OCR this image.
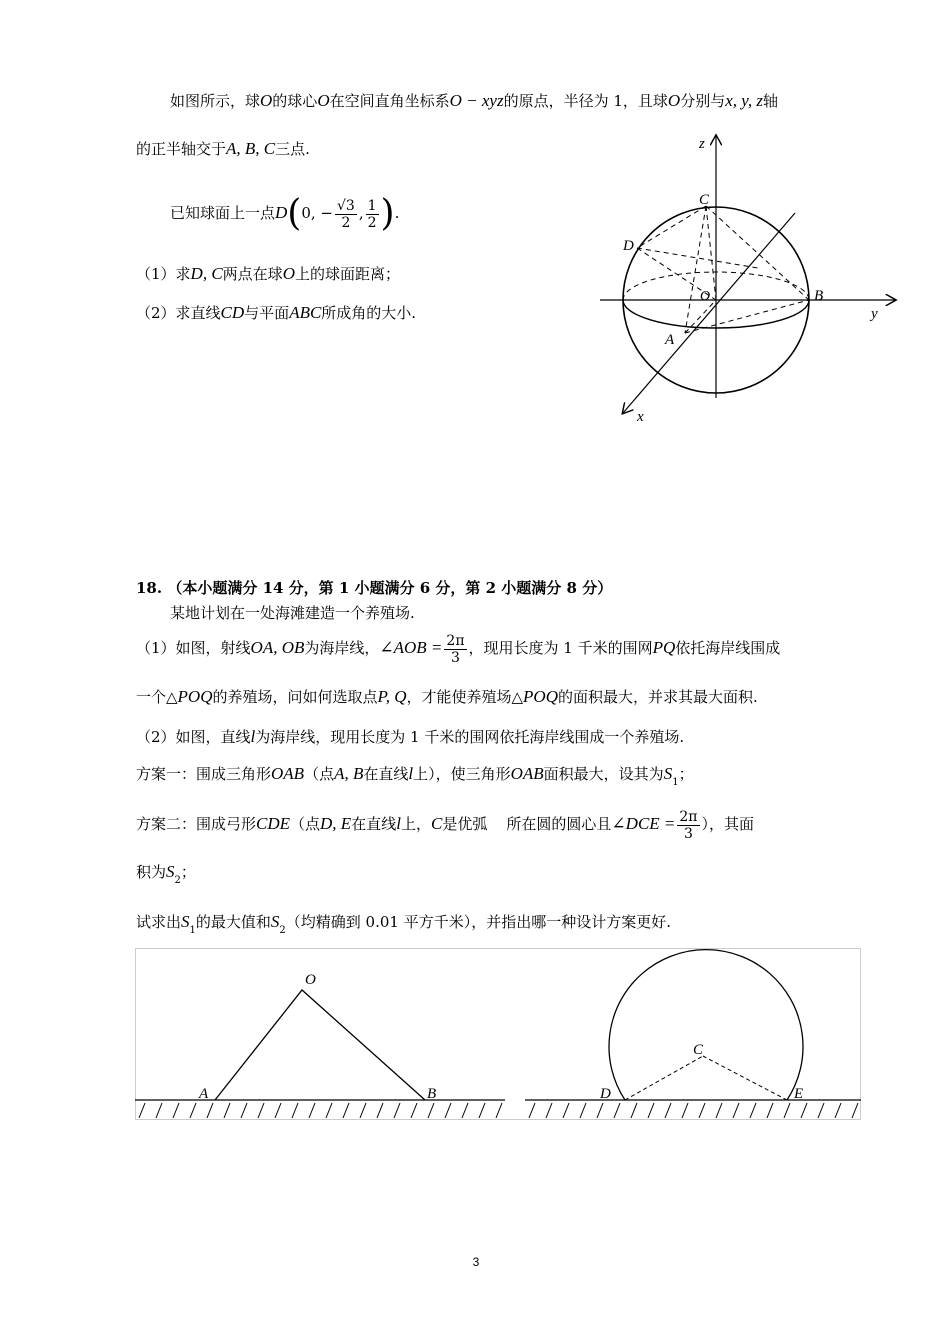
如图所示，球O的球心O在空间直角坐标系O − xyz的原点，半径为 1，且球O分别与x, y, z轴
的正半轴交于A, B, C三点.
已知球面上一点D(0, − $\frac{√3}{2}$ , $\frac{1}{2}$ ).
（1）求D, C两点在球O上的球面距离；
（2）求直线CD与平面ABC所成角的大小.
z
C
D
O	B
y
A
x
18. （本小题满分 14 分，第 1 小题满分 6 分，第 2 小题满分 8 分）
某地计划在一处海滩建造一个养殖场.
（1）如图，射线OA, OB为海岸线，∠AOB = $\frac{2\pi}{3}$ ，现用长度为 1 千米的围网PQ依托海岸线围成
一个△POQ的养殖场，问如何选取点P, Q，才能使养殖场△POQ的面积最大，并求其最大面积.
（2）如图，直线l为海岸线，现用长度为 1 千米的围网依托海岸线围成一个养殖场.
方案一：围成三角形OAB（点A, B在直线l上），使三角形OAB面积最大，设其为$S_1$；
方案二：围成弓形CDE（点D, E在直线l上，C是优弧 所在圆的圆心且∠DCE = $\frac{2\pi}{3}$ ），其面
积为$S_2$；
试求出$S_1$的最大值和$S_2$（均精确到 0.01 平方千米），并指出哪一种设计方案更好.
O
A	B
C
D	E
3
